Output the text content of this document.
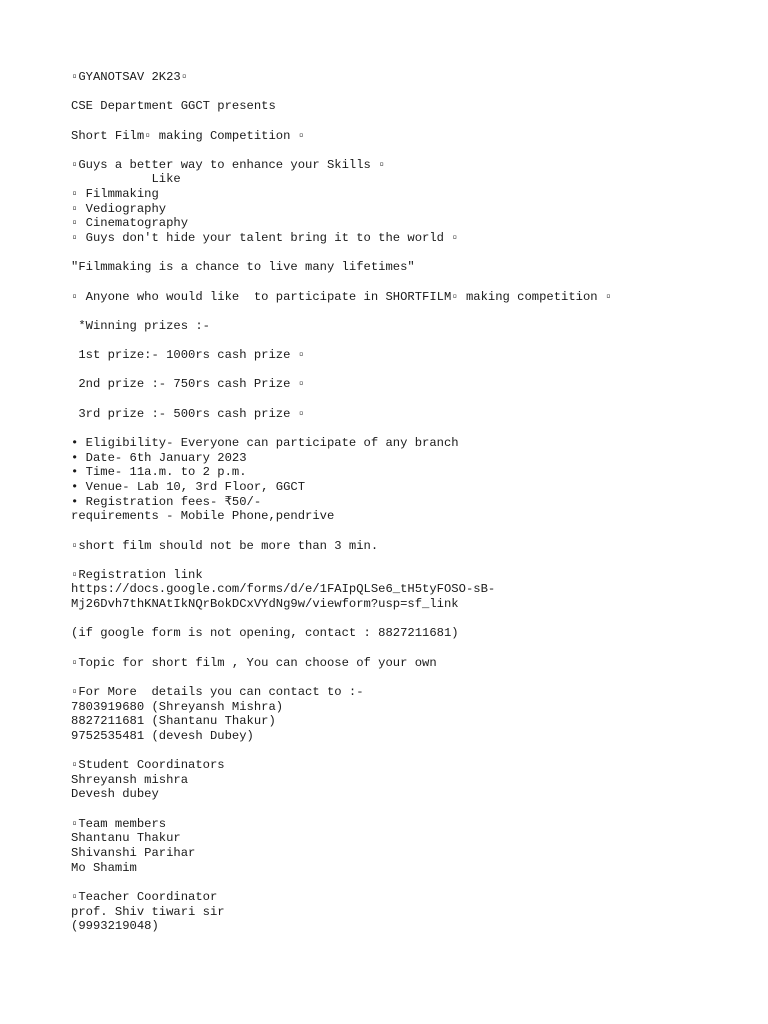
▫GYANOTSAV 2K23▫
CSE Department GGCT presents
Short Film▫ making Competition ▫
▫Guys a better way to enhance your Skills ▫
Like
▫ Filmmaking
▫ Vediography
▫ Cinematography
▫ Guys don't hide your talent bring it to the world ▫
"Filmmaking is a chance to live many lifetimes"
▫ Anyone who would like  to participate in SHORTFILM▫ making competition ▫
*Winning prizes :-
1st prize:- 1000rs cash prize ▫
2nd prize :- 750rs cash Prize ▫
3rd prize :- 500rs cash prize ▫
• Eligibility- Everyone can participate of any branch
• Date- 6th January 2023
• Time- 11a.m. to 2 p.m.
• Venue- Lab 10, 3rd Floor, GGCT
• Registration fees- ₹50/-
requirements - Mobile Phone,pendrive
▫short film should not be more than 3 min.
▫Registration link
https://docs.google.com/forms/d/e/1FAIpQLSe6_tH5tyFOSO-sB-
Mj26Dvh7thKNAtIkNQrBokDCxVYdNg9w/viewform?usp=sf_link
(if google form is not opening, contact : 8827211681)
▫Topic for short film , You can choose of your own
▫For More  details you can contact to :-
7803919680 (Shreyansh Mishra)
8827211681 (Shantanu Thakur)
9752535481 (devesh Dubey)
▫Student Coordinators
Shreyansh mishra
Devesh dubey
▫Team members
Shantanu Thakur
Shivanshi Parihar
Mo Shamim
▫Teacher Coordinator
prof. Shiv tiwari sir
(9993219048)
